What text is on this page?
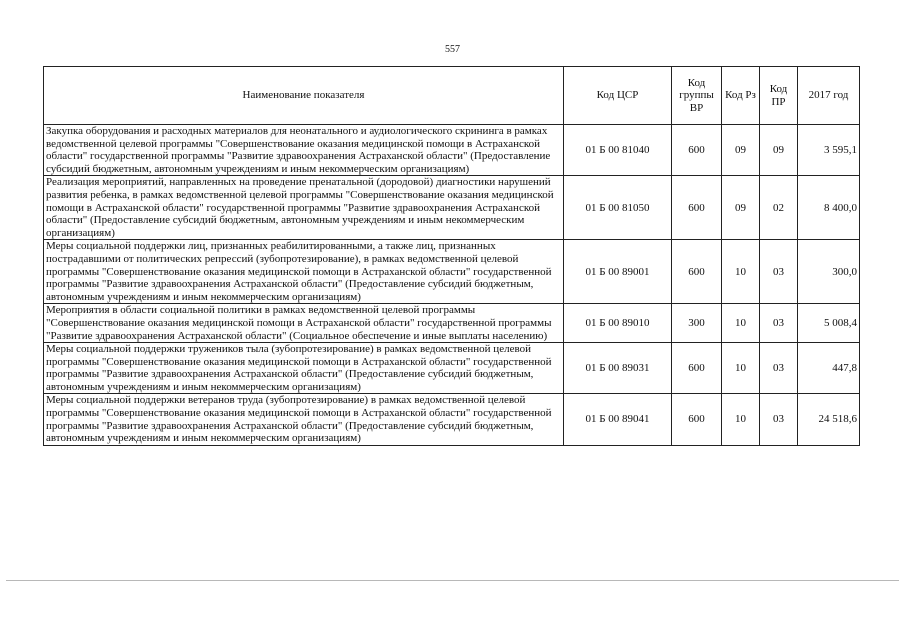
557
Наименование показателя	Код ЦСР	Код группы ВР	Код Рз	Код ПР	2017 год
Закупка оборудования и расходных материалов для неонатального и аудиологического скрининга в рамках ведомственной целевой программы "Совершенствование оказания медицинской помощи в Астраханской области" государственной программы "Развитие здравоохранения Астраханской области" (Предоставление субсидий бюджетным, автономным учреждениям и иным некоммерческим организациям)	01 Б 00 81040	600	09	09	3 595,1
Реализация мероприятий, направленных на проведение пренатальной (дородовой) диагностики нарушений развития ребенка, в рамках ведомственной целевой программы "Совершенствование оказания медицинской помощи в Астраханской области" государственной программы "Развитие здравоохранения Астраханской области" (Предоставление субсидий бюджетным, автономным учреждениям и иным некоммерческим организациям)	01 Б 00 81050	600	09	02	8 400,0
Меры социальной поддержки лиц, признанных реабилитированными, а также лиц, признанных пострадавшими от политических репрессий (зубопротезирование), в рамках ведомственной целевой программы "Совершенствование оказания медицинской помощи в Астраханской области" государственной программы "Развитие здравоохранения Астраханской области" (Предоставление субсидий бюджетным, автономным учреждениям и иным некоммерческим организациям)	01 Б 00 89001	600	10	03	300,0
Мероприятия в области социальной политики в рамках ведомственной целевой программы "Совершенствование оказания медицинской помощи в Астраханской области" государственной программы "Развитие здравоохранения Астраханской области" (Социальное обеспечение и иные выплаты населению)	01 Б 00 89010	300	10	03	5 008,4
Меры социальной поддержки тружеников тыла (зубопротезирование) в рамках ведомственной целевой программы "Совершенствование оказания медицинской помощи в Астраханской области" государственной программы "Развитие здравоохранения Астраханской области" (Предоставление субсидий бюджетным, автономным учреждениям и иным некоммерческим организациям)	01 Б 00 89031	600	10	03	447,8
Меры социальной поддержки ветеранов труда (зубопротезирование) в рамках ведомственной целевой программы "Совершенствование оказания медицинской помощи в Астраханской области" государственной программы "Развитие здравоохранения Астраханской области" (Предоставление субсидий бюджетным, автономным учреждениям и иным некоммерческим организациям)	01 Б 00 89041	600	10	03	24 518,6
